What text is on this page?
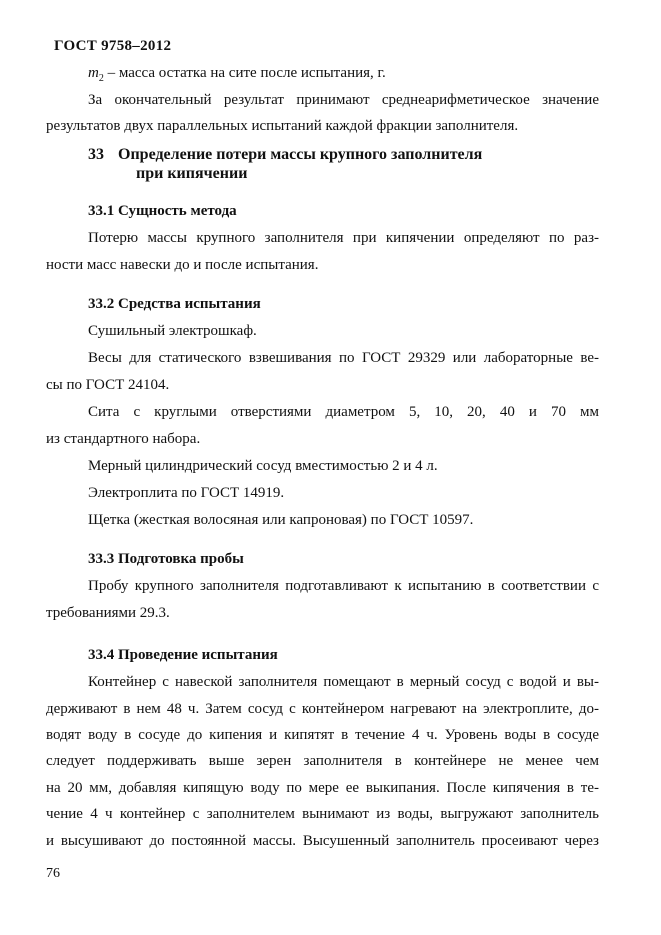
ГОСТ 9758–2012
$m_2$ – масса остатка на сите после испытания, г.
За окончательный результат принимают среднеарифметическое значение
результатов двух параллельных испытаний каждой фракции заполнителя.
33 Определение потери массы крупного заполнителя
при кипячении
33.1 Сущность метода
Потерю массы крупного заполнителя при кипячении определяют по раз-
ности масс навески до и после испытания.
33.2 Средства испытания
Сушильный электрошкаф.
Весы для статического взвешивания по ГОСТ 29329 или лабораторные ве-
сы по ГОСТ 24104.
Сита с круглыми отверстиями диаметром 5, 10, 20, 40 и 70 мм
из стандартного набора.
Мерный цилиндрический сосуд вместимостью 2 и 4 л.
Электроплита по ГОСТ 14919.
Щетка (жесткая волосяная или капроновая) по ГОСТ 10597.
33.3 Подготовка пробы
Пробу крупного заполнителя подготавливают к испытанию в соответствии с
требованиями 29.3.
33.4 Проведение испытания
Контейнер с навеской заполнителя помещают в мерный сосуд с водой и вы-
держивают в нем 48 ч. Затем сосуд с контейнером нагревают на электроплите, до-
водят воду в сосуде до кипения и кипятят в течение 4 ч. Уровень воды в сосуде
следует поддерживать выше зерен заполнителя в контейнере не менее чем
на 20 мм, добавляя кипящую воду по мере ее выкипания. После кипячения в те-
чение 4 ч контейнер с заполнителем вынимают из воды, выгружают заполнитель
и высушивают до постоянной массы. Высушенный заполнитель просеивают через
76
